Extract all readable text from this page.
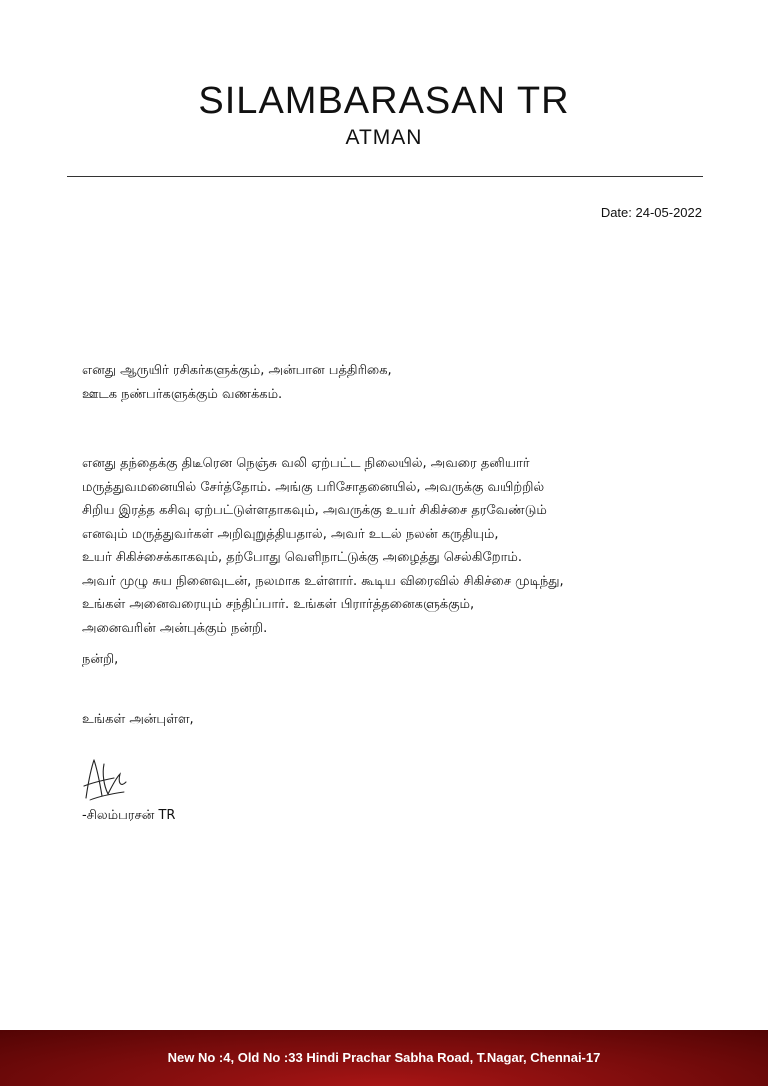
SILAMBARASAN TR
ATMAN
Date: 24-05-2022
எனது ஆருயிர் ரசிகர்களுக்கும், அன்பான பத்திரிகை,
ஊடக நண்பர்களுக்கும் வணக்கம்.
எனது தந்தைக்கு திடீரென நெஞ்சு வலி ஏற்பட்ட நிலையில், அவரை தனியார்
மருத்துவமனையில் சேர்த்தோம். அங்கு பரிசோதனையில், அவருக்கு வயிற்றில்
சிறிய இரத்த கசிவு ஏற்பட்டுள்ளதாகவும், அவருக்கு உயர் சிகிச்சை தரவேண்டும்
எனவும் மருத்துவர்கள் அறிவுறுத்தியதால், அவர் உடல் நலன் கருதியும்,
உயர் சிகிச்சைக்காகவும், தற்போது வெளிநாட்டுக்கு அழைத்து செல்கிறோம்.
அவர் முழு சுய நினைவுடன், நலமாக உள்ளார். கூடிய விரைவில் சிகிச்சை முடிந்து,
உங்கள் அனைவரையும் சந்திப்பார். உங்கள் பிரார்த்தனைகளுக்கும்,
அனைவரின் அன்புக்கும் நன்றி.
நன்றி,
உங்கள் அன்புள்ள,
-சிலம்பரசன் TR
New No :4, Old No :33 Hindi Prachar Sabha Road, T.Nagar, Chennai-17
